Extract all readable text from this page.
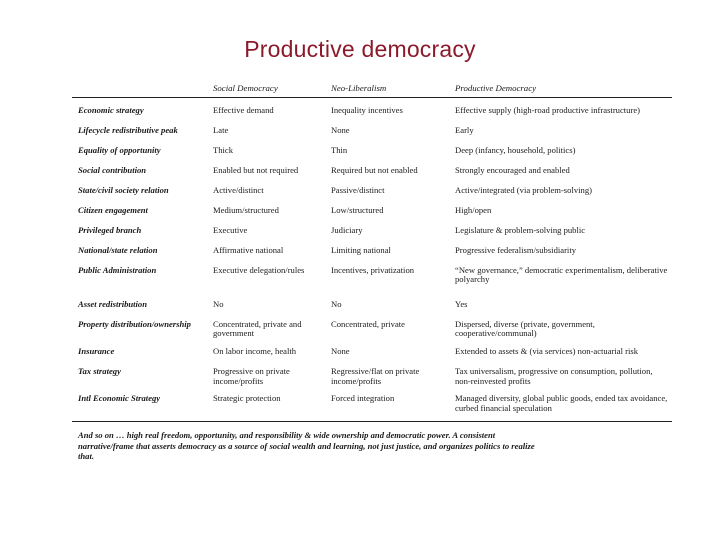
Productive democracy
	Social Democracy	Neo-Liberalism	Productive Democracy
Economic strategy	Effective demand	Inequality incentives	Effective supply (high-road productive infrastructure)
Lifecycle redistributive peak	Late	None	Early
Equality of opportunity	Thick	Thin	Deep (infancy, household, politics)
Social contribution	Enabled but not required	Required but not enabled	Strongly encouraged and enabled
State/civil society relation	Active/distinct	Passive/distinct	Active/integrated (via problem-solving)
Citizen engagement	Medium/structured	Low/structured	High/open
Privileged branch	Executive	Judiciary	Legislature & problem-solving public
National/state relation	Affirmative national	Limiting national	Progressive federalism/subsidiarity
Public Administration	Executive delegation/rules	Incentives, privatization	“New governance,” democratic experimentalism, deliberative polyarchy
Asset redistribution	No	No	Yes
Property distribution/ownership	Concentrated, private and government	Concentrated, private	Dispersed, diverse (private, government, cooperative/communal)
Insurance	On labor income, health	None	Extended to assets & (via services) non-actuarial risk
Tax strategy	Progressive on private income/profits	Regressive/flat on private income/profits	Tax universalism, progressive on consumption, pollution, non-reinvested profits
Intl Economic Strategy	Strategic protection	Forced integration	Managed diversity, global public goods, ended tax avoidance, curbed financial speculation
And so on … high real freedom, opportunity, and responsibility & wide ownership and democratic power. A consistent narrative/frame that asserts democracy as a source of social wealth and learning, not just justice, and organizes politics to realize that.
